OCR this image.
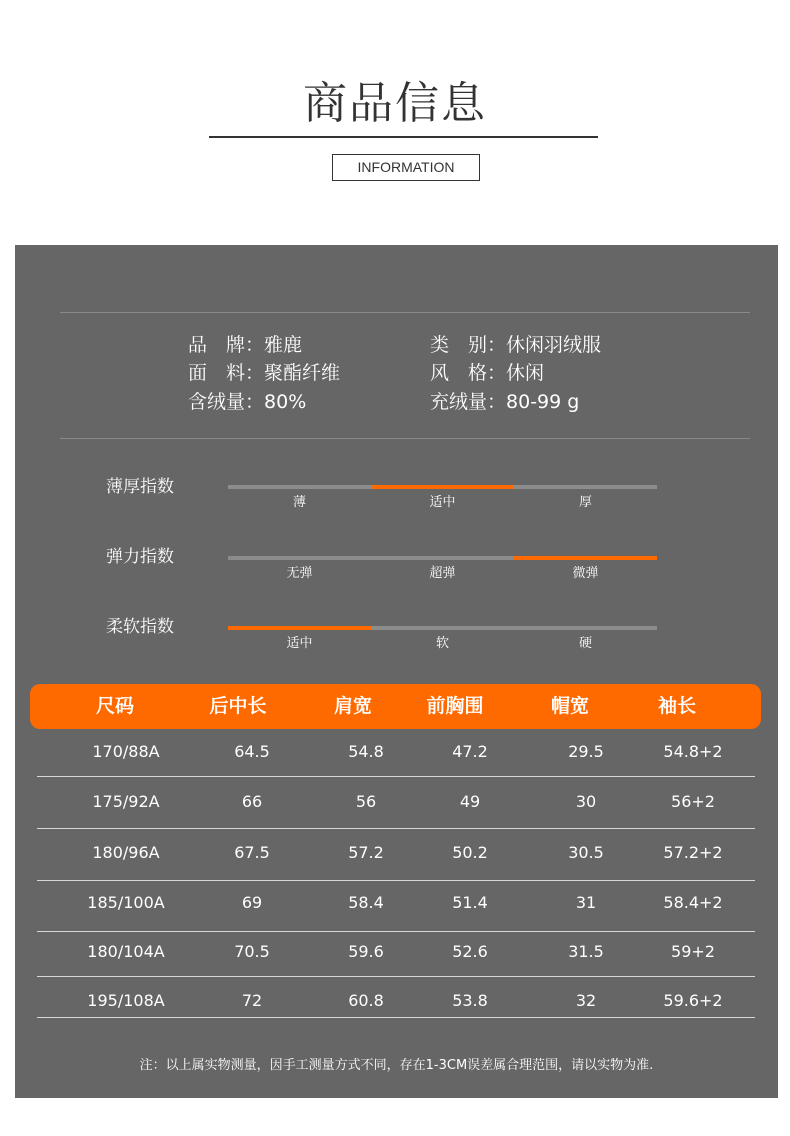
商品信息
INFORMATION
品　牌：雅鹿	类　别：休闲羽绒服
面　料：聚酯纤维	风　格：休闲
含绒量：80%	充绒量：80-99 g
薄厚指数
薄	适中	厚
弹力指数
无弹	超弹	微弹
柔软指数
适中	软	硬
尺码	后中长	肩宽	前胸围	帽宽	袖长
170/88A	64.5	54.8	47.2	29.5	54.8+2
175/92A	66	56	49	30	56+2
180/96A	67.5	57.2	50.2	30.5	57.2+2
185/100A	69	58.4	51.4	31	58.4+2
180/104A	70.5	59.6	52.6	31.5	59+2
195/108A	72	60.8	53.8	32	59.6+2
注：以上属实物测量，因手工测量方式不同，存在1-3CM误差属合理范围，请以实物为准.
